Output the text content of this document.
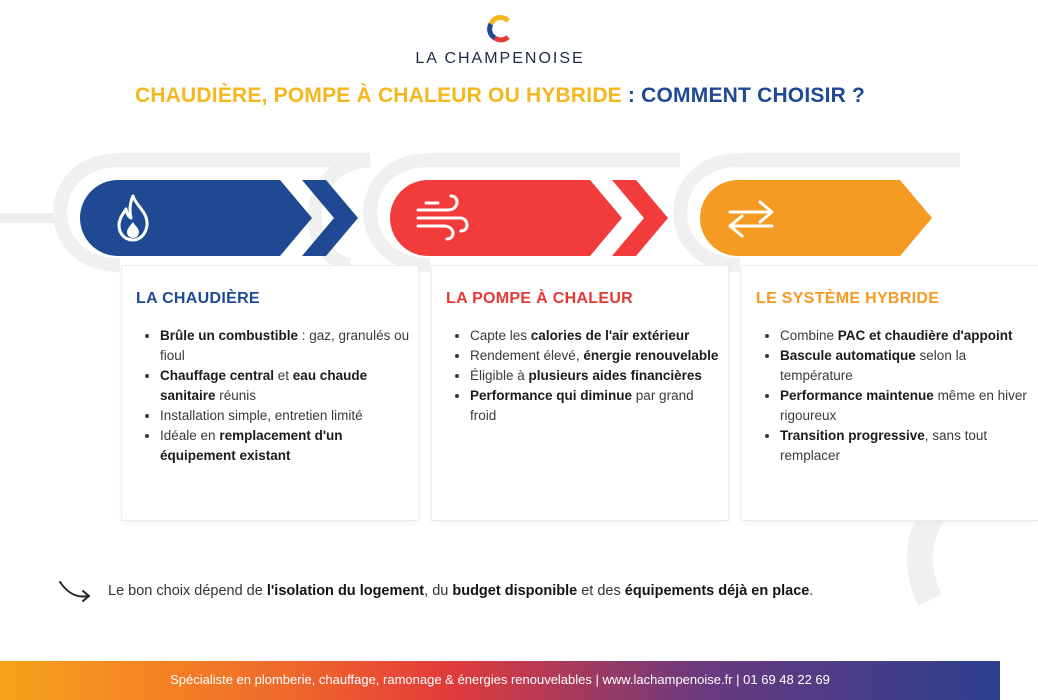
LA CHAMPENOISE
CHAUDIÈRE, POMPE À CHALEUR OU HYBRIDE : COMMENT CHOISIR ?
LA CHAUDIÈRE
• Brûle un combustible : gaz, granulés ou fioul
• Chauffage central et eau chaude sanitaire réunis
• Installation simple, entretien limité
• Idéale en remplacement d'un équipement existant
LA POMPE À CHALEUR
• Capte les calories de l'air extérieur
• Rendement élevé, énergie renouvelable
• Éligible à plusieurs aides financières
• Performance qui diminue par grand froid
LE SYSTÈME HYBRIDE
• Combine PAC et chaudière d'appoint
• Bascule automatique selon la température
• Performance maintenue même en hiver rigoureux
• Transition progressive, sans tout remplacer
Le bon choix dépend de l'isolation du logement, du budget disponible et des équipements déjà en place.
Spécialiste en plomberie, chauffage, ramonage & énergies renouvelables | www.lachampenoise.fr | 01 69 48 22 69
